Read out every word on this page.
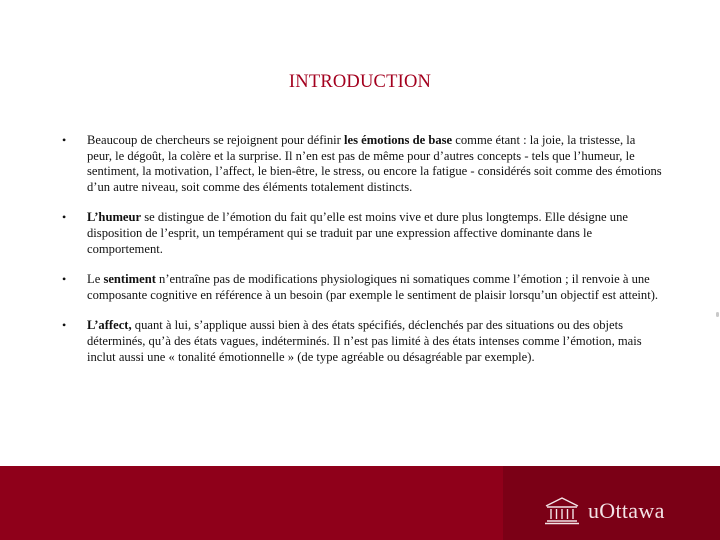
INTRODUCTION
• Beaucoup de chercheurs se rejoignent pour définir les émotions de base comme étant : la joie, la tristesse, la peur, le dégoût, la colère et la surprise. Il n’en est pas de même pour d’autres concepts - tels que l’humeur, le sentiment, la motivation, l’affect, le bien-être, le stress, ou encore la fatigue - considérés soit comme des émotions d’un autre niveau, soit comme des éléments totalement distincts.
• L’humeur se distingue de l’émotion du fait qu’elle est moins vive et dure plus longtemps. Elle désigne une disposition de l’esprit, un tempérament qui se traduit par une expression affective dominante dans le comportement.
• Le sentiment n’entraîne pas de modifications physiologiques ni somatiques comme l’émotion ; il renvoie à une composante cognitive en référence à un besoin (par exemple le sentiment de plaisir lorsqu’un objectif est atteint).
• L’affect, quant à lui, s’applique aussi bien à des états spécifiés, déclenchés par des situations ou des objets déterminés, qu’à des états vagues, indéterminés. Il n’est pas limité à des états intenses comme l’émotion, mais inclut aussi une « tonalité émotionnelle » (de type agréable ou désagréable par exemple).
uOttawa
